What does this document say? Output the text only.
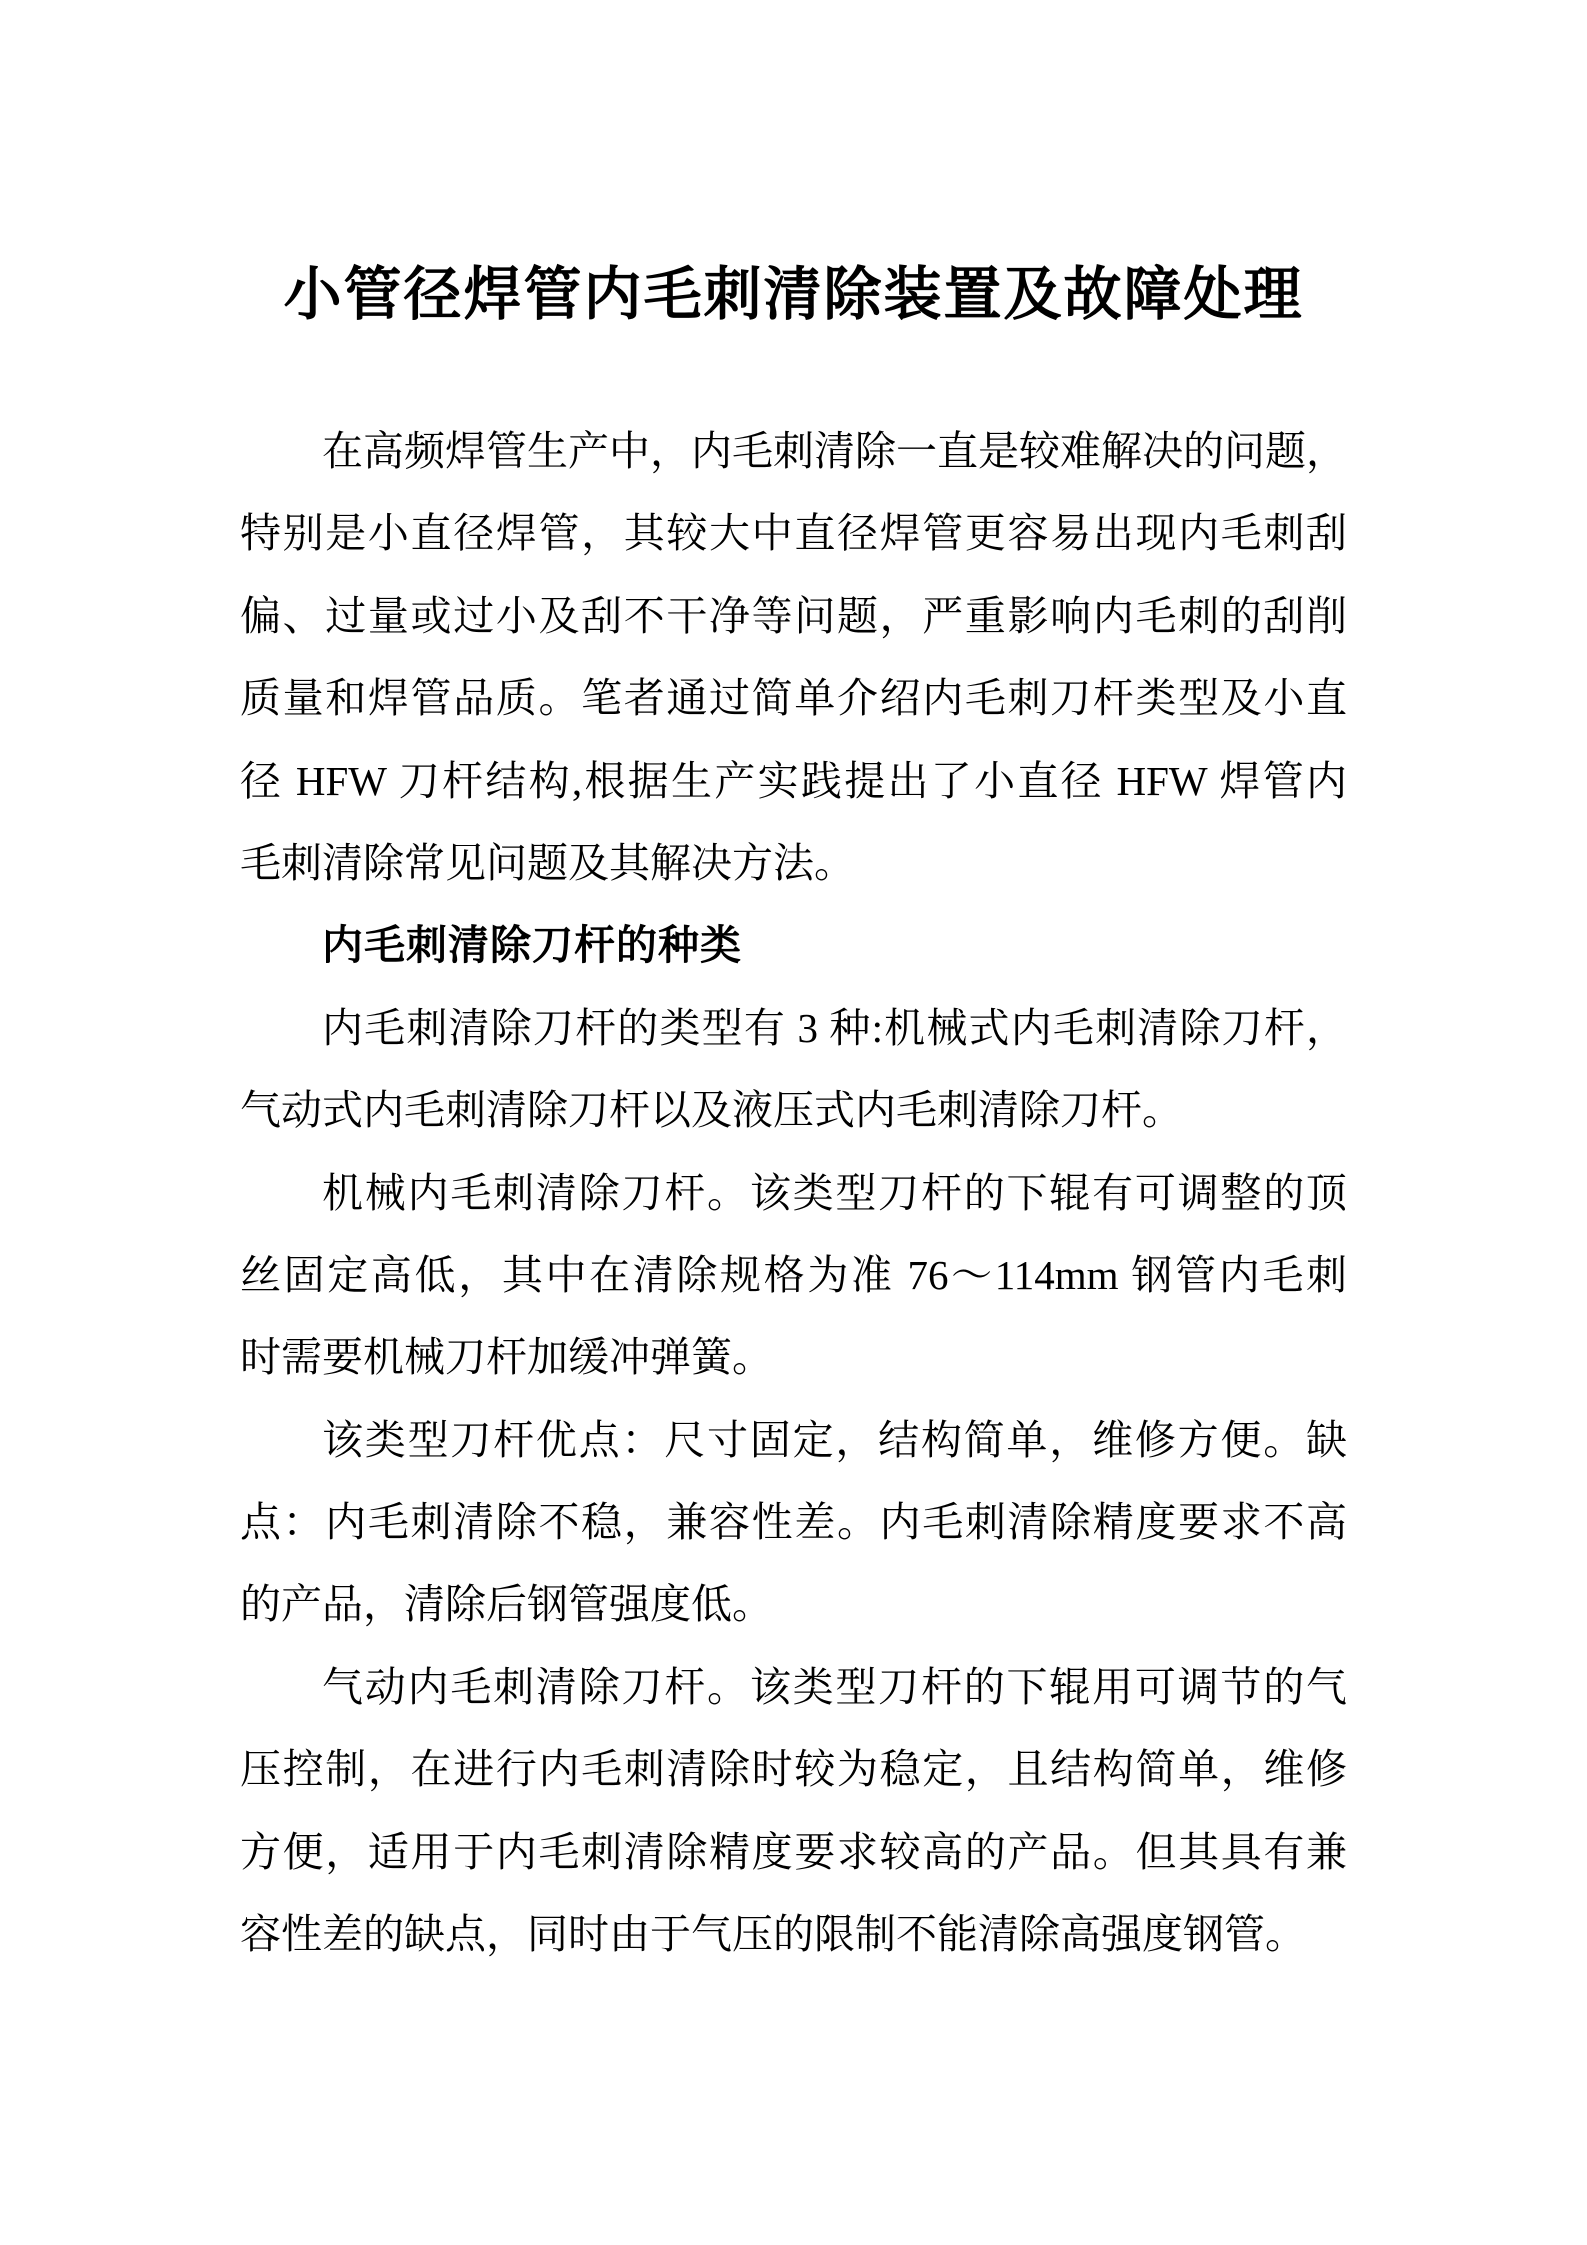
小管径焊管内毛刺清除装置及故障处理
在高频焊管生产中，内毛刺清除一直是较难解决的问题，
特别是小直径焊管，其较大中直径焊管更容易出现内毛刺刮
偏、过量或过小及刮不干净等问题，严重影响内毛刺的刮削
质量和焊管品质。笔者通过简单介绍内毛刺刀杆类型及小直
径 HFW 刀杆结构,根据生产实践提出了小直径 HFW 焊管内
毛刺清除常见问题及其解决方法。
内毛刺清除刀杆的种类
内毛刺清除刀杆的类型有 3 种:机械式内毛刺清除刀杆，
气动式内毛刺清除刀杆以及液压式内毛刺清除刀杆。
机械内毛刺清除刀杆。该类型刀杆的下辊有可调整的顶
丝固定高低，其中在清除规格为准 76～114mm 钢管内毛刺
时需要机械刀杆加缓冲弹簧。
该类型刀杆优点：尺寸固定，结构简单，维修方便。缺
点：内毛刺清除不稳，兼容性差。内毛刺清除精度要求不高
的产品，清除后钢管强度低。
气动内毛刺清除刀杆。该类型刀杆的下辊用可调节的气
压控制，在进行内毛刺清除时较为稳定，且结构简单，维修
方便，适用于内毛刺清除精度要求较高的产品。但其具有兼
容性差的缺点，同时由于气压的限制不能清除高强度钢管。
